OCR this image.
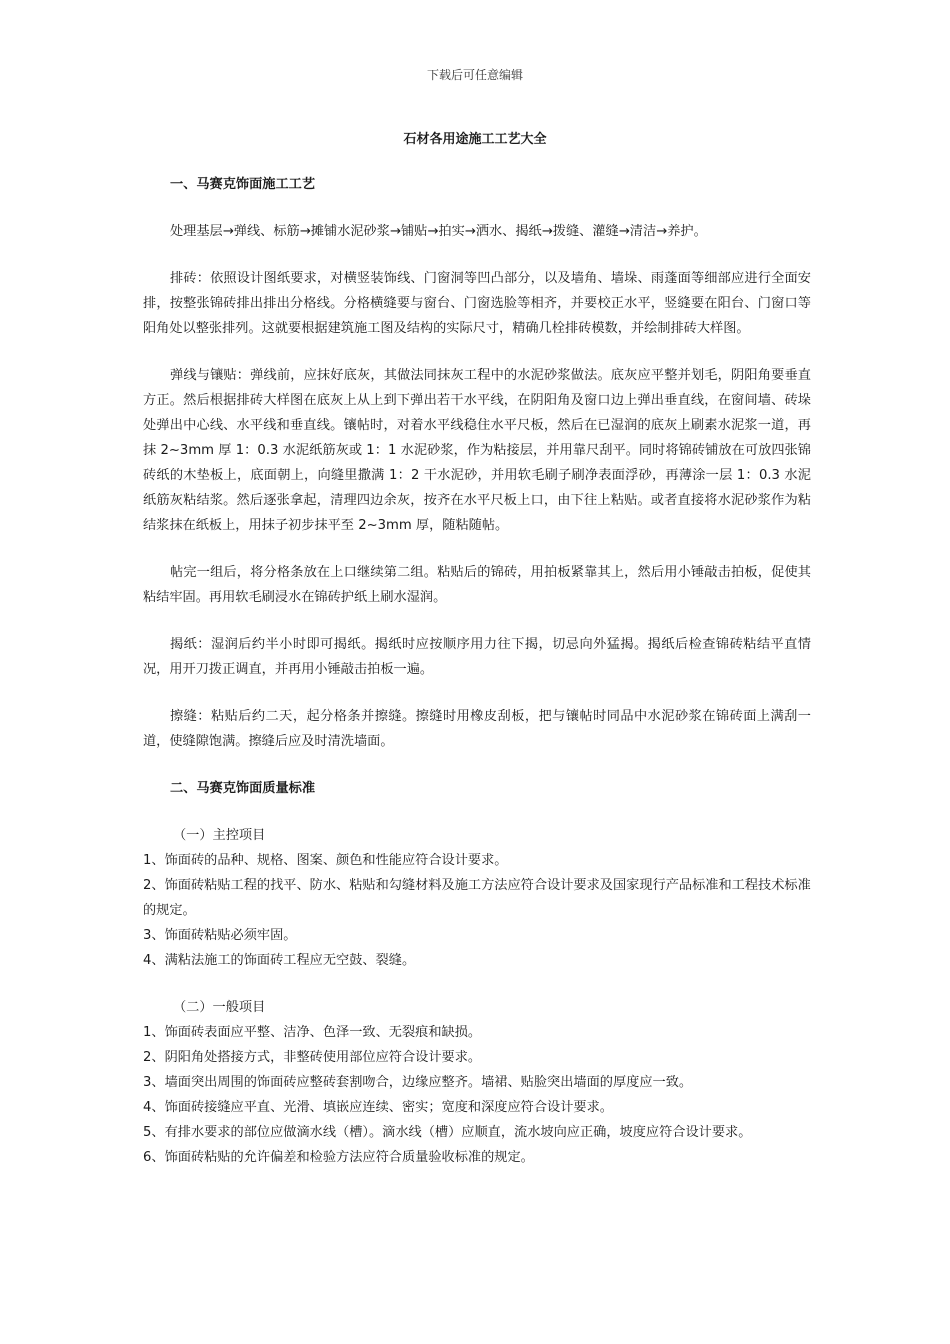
下载后可任意编辑
石材各用途施工工艺大全

一、马赛克饰面施工工艺

处理基层→弹线、标筋→摊铺水泥砂浆→铺贴→拍实→洒水、揭纸→拨缝、灌缝→清洁→养护。

排砖：依照设计图纸要求，对横竖装饰线、门窗洞等凹凸部分，以及墙角、墙垛、雨蓬面等细部应进行全面安排，按整张锦砖排出排出分格线。分格横缝要与窗台、门窗选脸等相齐，并要校正水平，竖缝要在阳台、门窗口等阳角处以整张排列。这就要根据建筑施工图及结构的实际尺寸，精确几栓排砖模数，并绘制排砖大样图。

弹线与镶贴：弹线前，应抹好底灰，其做法同抹灰工程中的水泥砂浆做法。底灰应平整并划毛，阴阳角要垂直方正。然后根据排砖大样图在底灰上从上到下弹出若干水平线，在阴阳角及窗口边上弹出垂直线，在窗间墙、砖垛处弹出中心线、水平线和垂直线。镶帖时，对着水平线稳住水平尺板，然后在已湿润的底灰上刷素水泥浆一道，再抹 2~3mm 厚 1：0.3 水泥纸筋灰或 1：1 水泥砂浆，作为粘接层，并用靠尺刮平。同时将锦砖铺放在可放四张锦砖纸的木垫板上，底面朝上，向缝里撒满 1：2 干水泥砂，并用软毛刷子刷净表面浮砂，再薄涂一层 1：0.3 水泥纸筋灰粘结浆。然后逐张拿起，清理四边余灰，按齐在水平尺板上口，由下往上粘贴。或者直接将水泥砂浆作为粘结浆抹在纸板上，用抹子初步抹平至 2~3mm 厚，随粘随帖。

帖完一组后，将分格条放在上口继续第二组。粘贴后的锦砖，用拍板紧靠其上，然后用小锤敲击拍板，促使其粘结牢固。再用软毛刷浸水在锦砖护纸上刷水湿润。

揭纸：湿润后约半小时即可揭纸。揭纸时应按顺序用力往下揭，切忌向外猛揭。揭纸后检查锦砖粘结平直情况，用开刀拨正调直，并再用小锤敲击拍板一遍。

擦缝：粘贴后约二天，起分格条并擦缝。擦缝时用橡皮刮板，把与镶帖时同品中水泥砂浆在锦砖面上满刮一道，使缝隙饱满。擦缝后应及时清洗墙面。

二、马赛克饰面质量标准

（一）主控项目

1、饰面砖的品种、规格、图案、颜色和性能应符合设计要求。

2、饰面砖粘贴工程的找平、防水、粘贴和勾缝材料及施工方法应符合设计要求及国家现行产品标准和工程技术标准的规定。

3、饰面砖粘贴必须牢固。

4、满粘法施工的饰面砖工程应无空鼓、裂缝。

（二）一般项目

1、饰面砖表面应平整、洁净、色泽一致、无裂痕和缺损。

2、阴阳角处搭接方式，非整砖使用部位应符合设计要求。

3、墙面突出周围的饰面砖应整砖套割吻合，边缘应整齐。墙裙、贴脸突出墙面的厚度应一致。

4、饰面砖接缝应平直、光滑、填嵌应连续、密实；宽度和深度应符合设计要求。

5、有排水要求的部位应做滴水线（槽）。滴水线（槽）应顺直，流水坡向应正确，坡度应符合设计要求。

6、饰面砖粘贴的允许偏差和检验方法应符合质量验收标准的规定。
